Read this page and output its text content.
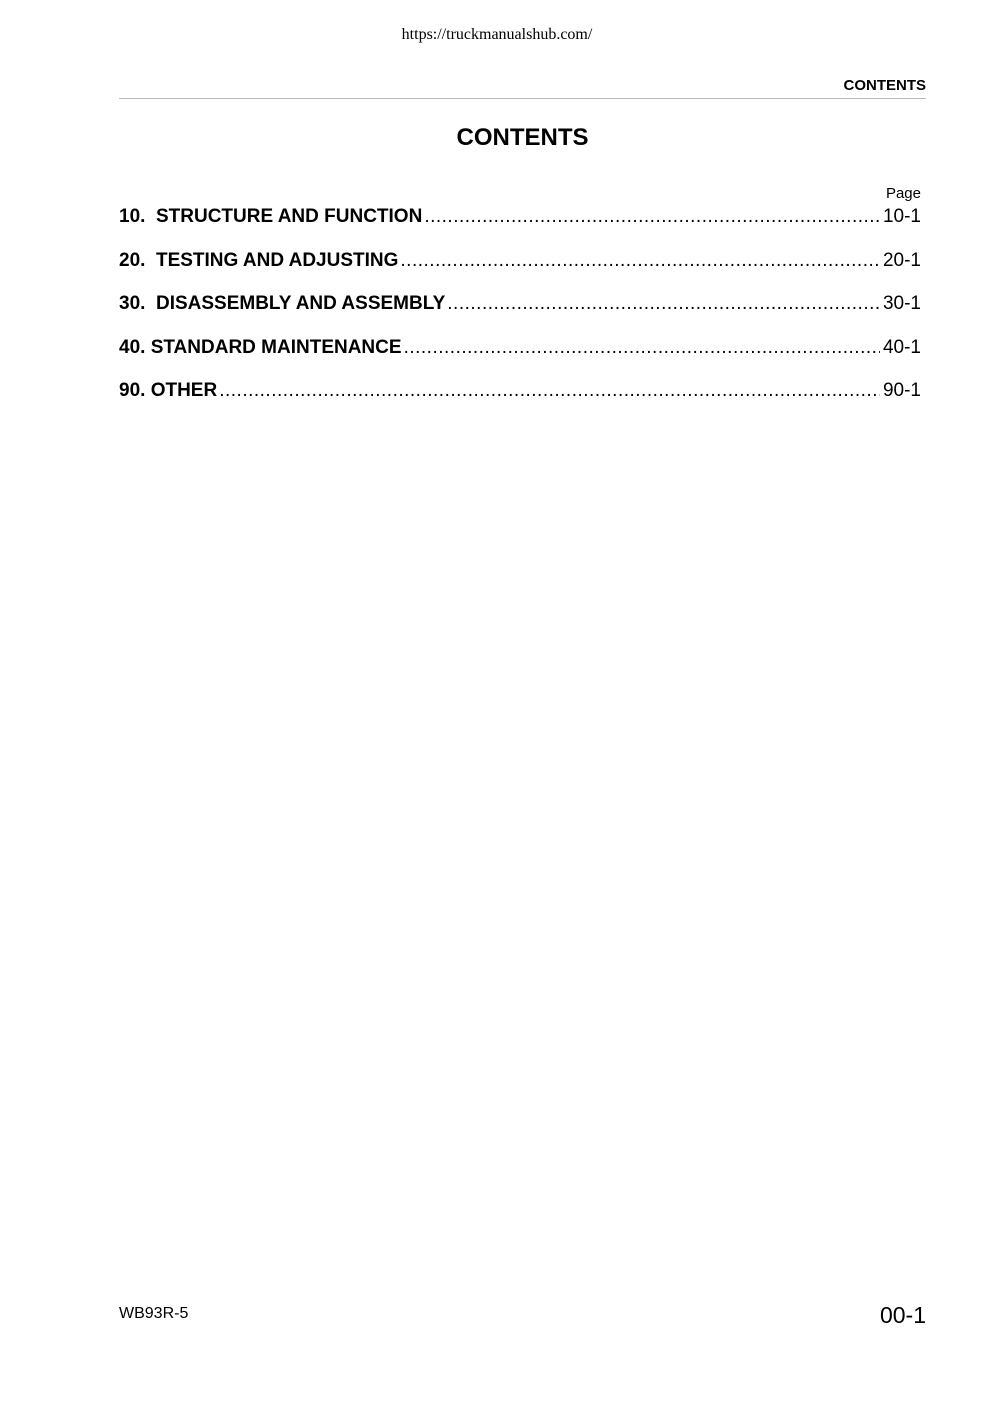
https://truckmanualshub.com/
CONTENTS
CONTENTS
Page
10.  STRUCTURE AND FUNCTION .....	10-1
20.  TESTING AND ADJUSTING .....	20-1
30.  DISASSEMBLY AND ASSEMBLY .....	30-1
40. STANDARD MAINTENANCE .....	40-1
90. OTHER .....	90-1
WB93R-5	00-1
